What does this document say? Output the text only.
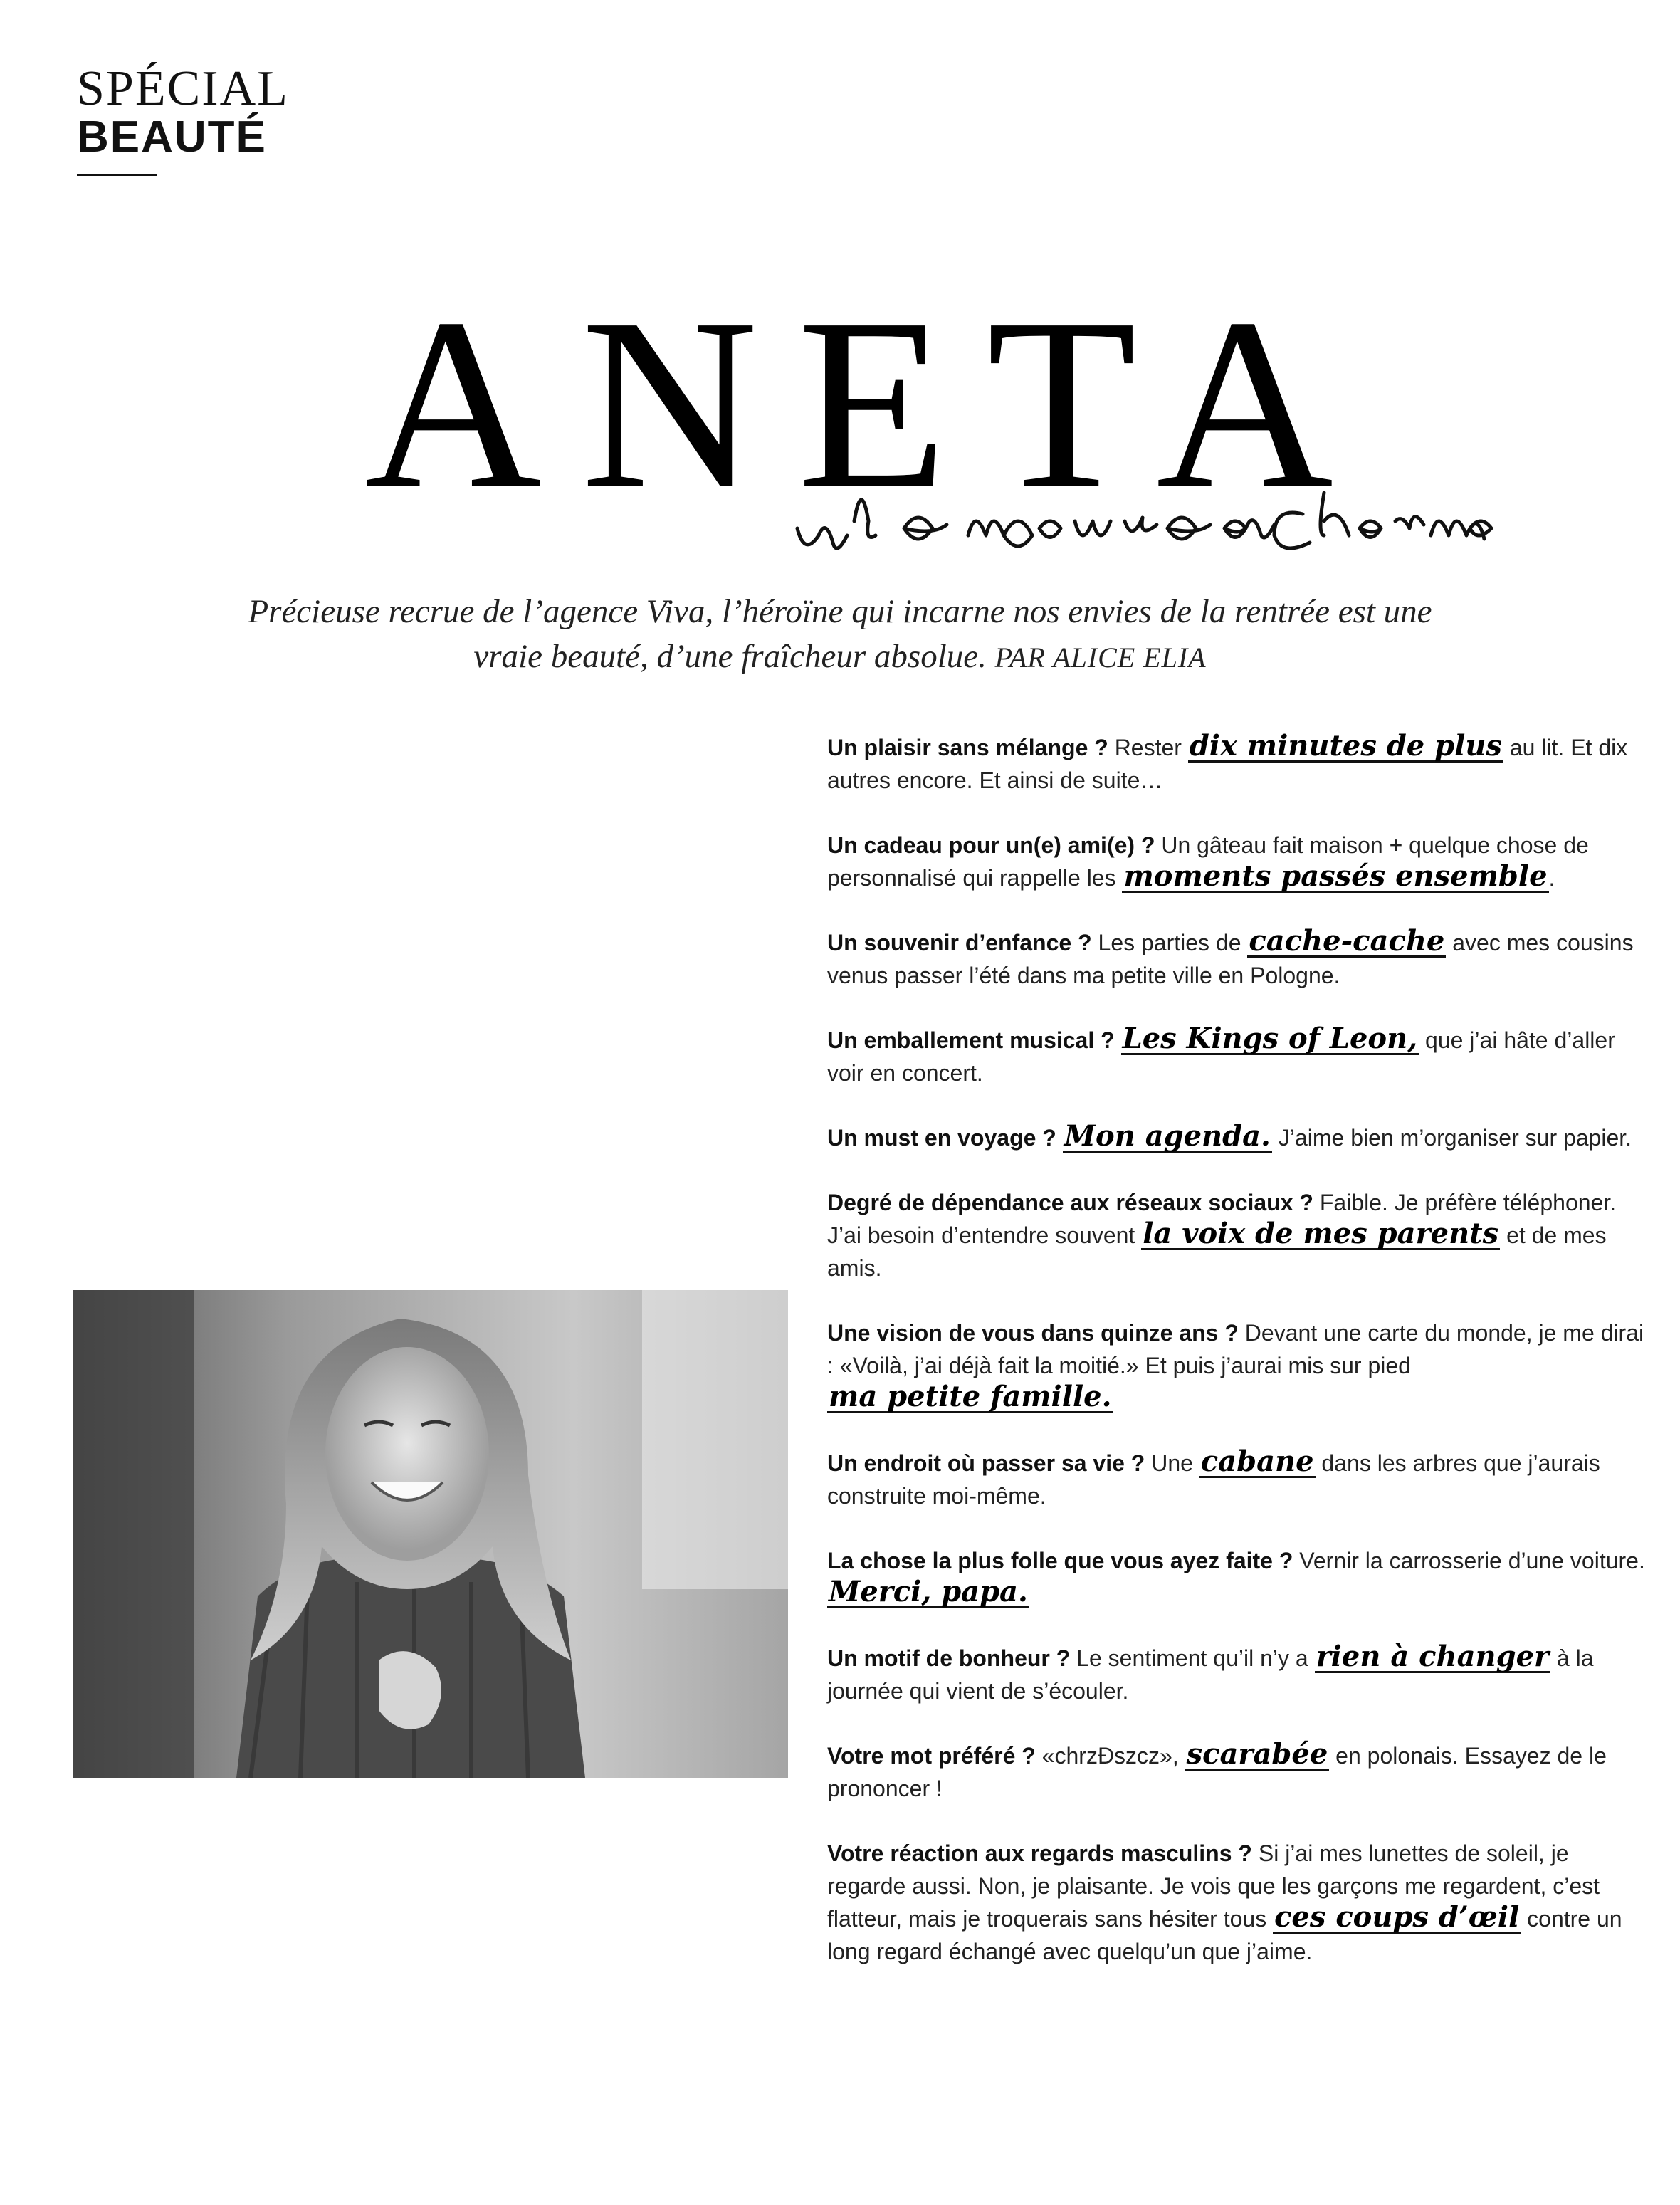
SPÉCIAL
BEAUTÉ
ANETA
Précieuse recrue de l’agence Viva, l’héroïne qui incarne nos envies de la rentrée est une vraie beauté, d’une fraîcheur absolue. PAR ALICE ELIA

Un plaisir sans mélange ? Rester dix minutes de plus au lit. Et dix autres encore. Et ainsi de suite…

Un cadeau pour un(e) ami(e) ? Un gâteau fait maison + quelque chose de personnalisé qui rappelle les moments passés ensemble.

Un souvenir d’enfance ? Les parties de cache-cache avec mes cousins venus passer l’été dans ma petite ville en Pologne.

Un emballement musical ? Les Kings of Leon, que j’ai hâte d’aller voir en concert.

Un must en voyage ? Mon agenda. J’aime bien m’organiser sur papier.

Degré de dépendance aux réseaux sociaux ? Faible. Je préfère téléphoner. J’ai besoin d’entendre souvent la voix de mes parents et de mes amis.

Une vision de vous dans quinze ans ? Devant une carte du monde, je me dirai : «Voilà, j’ai déjà fait la moitié.» Et puis j’aurai mis sur pied ma petite famille.

Un endroit où passer sa vie ? Une cabane dans les arbres que j’aurais construite moi-même.

La chose la plus folle que vous ayez faite ? Vernir la carrosserie d’une voiture. Merci, papa.

Un motif de bonheur ? Le sentiment qu’il n’y a rien à changer à la journée qui vient de s’écouler.

Votre mot préféré ? «chrzÐszcz», scarabée en polonais. Essayez de le prononcer !

Votre réaction aux regards masculins ? Si j’ai mes lunettes de soleil, je regarde aussi. Non, je plaisante. Je vois que les garçons me regardent, c’est flatteur, mais je troquerais sans hésiter tous ces coups d’œil contre un long regard échangé avec quelqu’un que j’aime.
